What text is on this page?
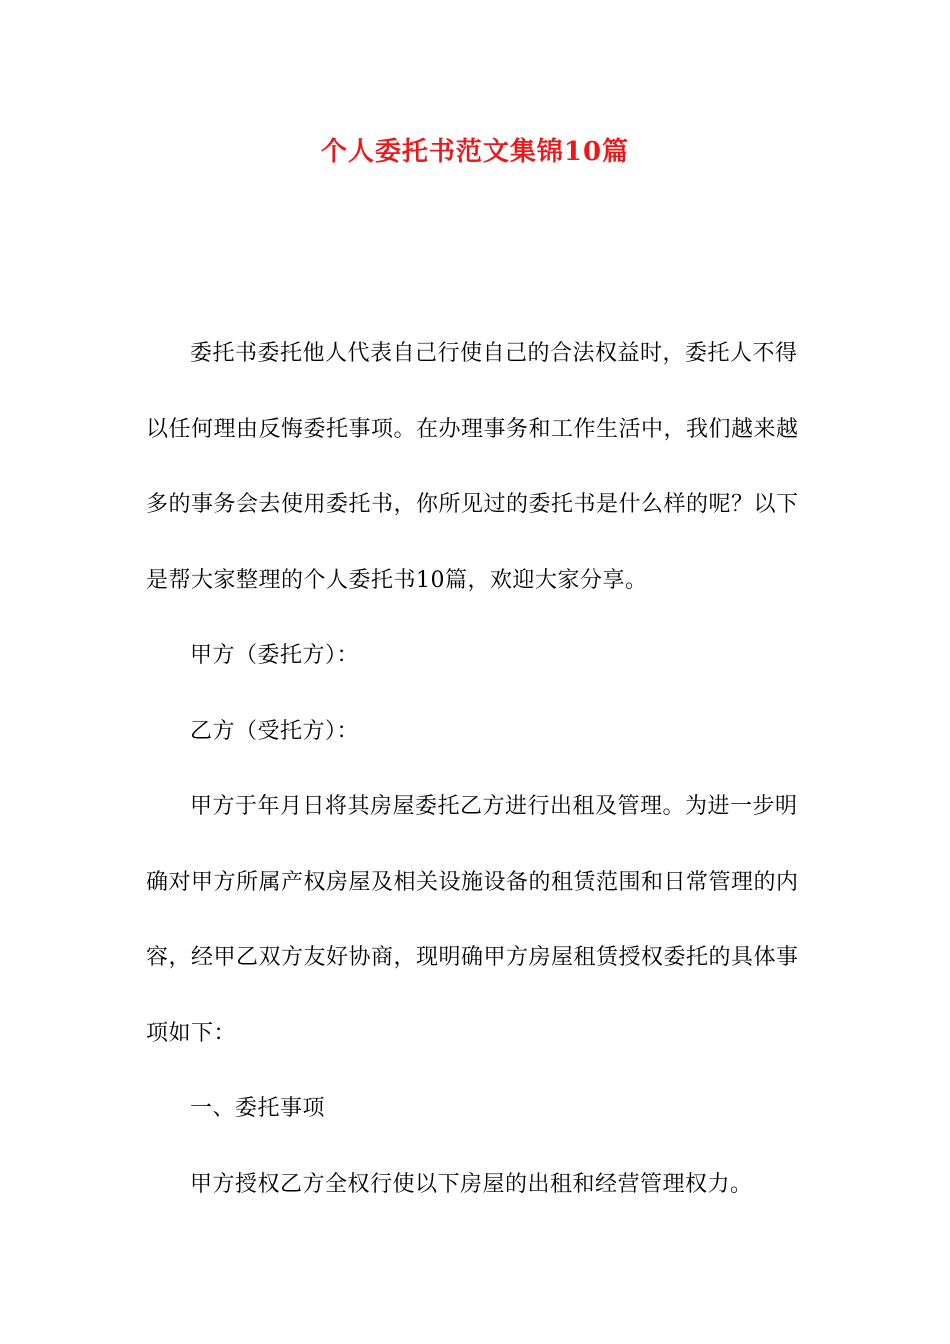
个人委托书范文集锦10篇

委托书委托他人代表自己行使自己的合法权益时，委托人不得以任何理由反悔委托事项。在办理事务和工作生活中，我们越来越多的事务会去使用委托书，你所见过的委托书是什么样的呢？以下是帮大家整理的个人委托书10篇，欢迎大家分享。

甲方（委托方）：

乙方（受托方）：

甲方于年月日将其房屋委托乙方进行出租及管理。为进一步明确对甲方所属产权房屋及相关设施设备的租赁范围和日常管理的内容，经甲乙双方友好协商，现明确甲方房屋租赁授权委托的具体事项如下：

一、委托事项

甲方授权乙方全权行使以下房屋的出租和经营管理权力。
